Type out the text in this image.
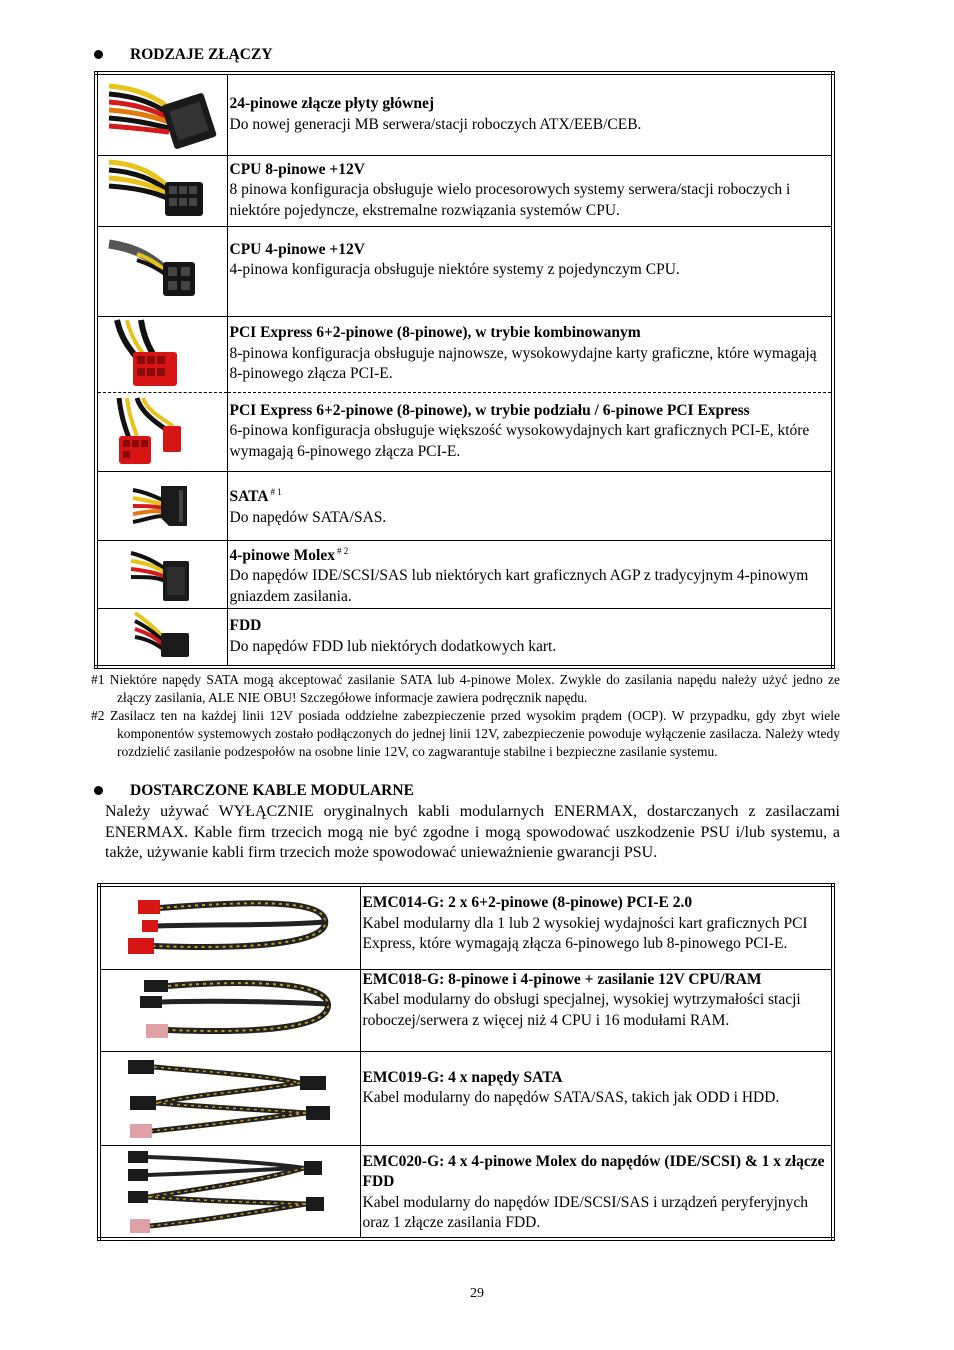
RODZAJE ZŁĄCZY

24-pinowe złącze płyty głównej
Do nowej generacji MB serwera/stacji roboczych ATX/EEB/CEB.

CPU 8-pinowe +12V
8 pinowa konfiguracja obsługuje wielo procesorowych systemy serwera/stacji roboczych i niektóre pojedyncze, ekstremalne rozwiązania systemów CPU.

CPU 4-pinowe +12V
4-pinowa konfiguracja obsługuje niektóre systemy z pojedynczym CPU.

PCI Express 6+2-pinowe (8-pinowe), w trybie kombinowanym
8-pinowa konfiguracja obsługuje najnowsze, wysokowydajne karty graficzne, które wymagają 8-pinowego złącza PCI-E.

PCI Express 6+2-pinowe (8-pinowe), w trybie podziału / 6-pinowe PCI Express
6-pinowa konfiguracja obsługuje większość wysokowydajnych kart graficznych PCI-E, które wymagają 6-pinowego złącza PCI-E.

SATA $^{\# 1}$
Do napędów SATA/SAS.

4-pinowe Molex $^{\# 2}$
Do napędów IDE/SCSI/SAS lub niektórych kart graficznych AGP z tradycyjnym 4-pinowym gniazdem zasilania.

FDD
Do napędów FDD lub niektórych dodatkowych kart.
#1 Niektóre napędy SATA mogą akceptować zasilanie SATA lub 4-pinowe Molex. Zwykle do zasilania napędu należy użyć jedno ze złączy zasilania, ALE NIE OBU! Szczegółowe informacje zawiera podręcznik napędu.
#2 Zasilacz ten na każdej linii 12V posiada oddzielne zabezpieczenie przed wysokim prądem (OCP). W przypadku, gdy zbyt wiele komponentów systemowych zostało podłączonych do jednej linii 12V, zabezpieczenie powoduje wyłączenie zasilacza. Należy wtedy rozdzielić zasilanie podzespołów na osobne linie 12V, co zagwarantuje stabilne i bezpieczne zasilanie systemu.
DOSTARCZONE KABLE MODULARNE
Należy używać WYŁĄCZNIE oryginalnych kabli modularnych ENERMAX, dostarczanych z zasilaczami ENERMAX. Kable firm trzecich mogą nie być zgodne i mogą spowodować uszkodzenie PSU i/lub systemu, a także, używanie kabli firm trzecich może spowodować unieważnienie gwarancji PSU.

EMC014-G: 2 x 6+2-pinowe (8-pinowe) PCI-E 2.0
Kabel modularny dla 1 lub 2 wysokiej wydajności kart graficznych PCI Express, które wymagają złącza 6-pinowego lub 8-pinowego PCI-E.

EMC018-G: 8-pinowe i 4-pinowe + zasilanie 12V CPU/RAM
Kabel modularny do obsługi specjalnej, wysokiej wytrzymałości stacji roboczej/serwera z więcej niż 4 CPU i 16 modułami RAM.

EMC019-G: 4 x napędy SATA
Kabel modularny do napędów SATA/SAS, takich jak ODD i HDD.

EMC020-G: 4 x 4-pinowe Molex do napędów (IDE/SCSI) & 1 x złącze FDD
Kabel modularny do napędów IDE/SCSI/SAS i urządzeń peryferyjnych oraz 1 złącze zasilania FDD.
29
